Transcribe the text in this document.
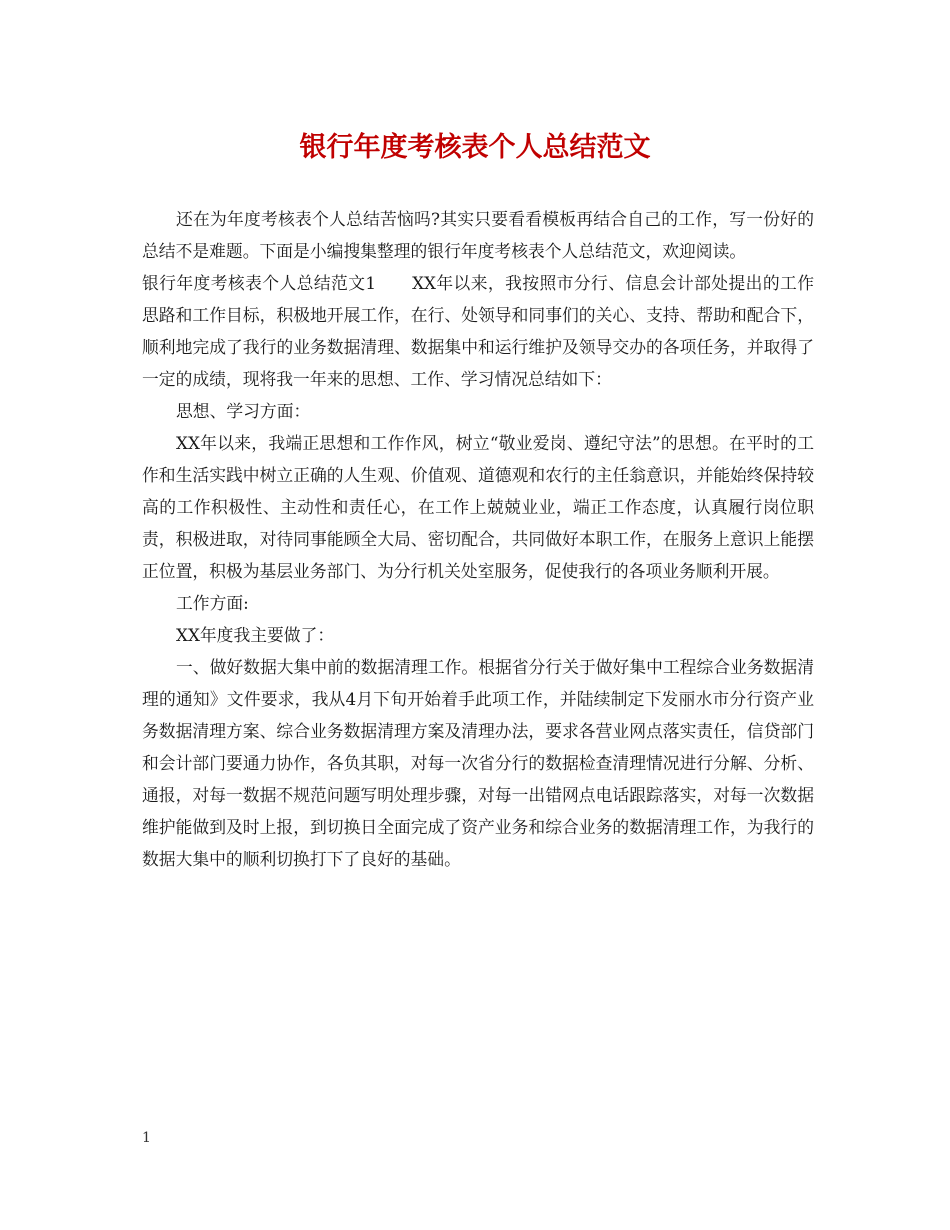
银行年度考核表个人总结范文

还在为年度考核表个人总结苦恼吗?其实只要看看模板再结合自己的工作，写一份好的总结不是难题。下面是小编搜集整理的银行年度考核表个人总结范文，欢迎阅读。

银行年度考核表个人总结范文1 XX年以来，我按照市分行、信息会计部处提出的工作思路和工作目标，积极地开展工作，在行、处领导和同事们的关心、支持、帮助和配合下，顺利地完成了我行的业务数据清理、数据集中和运行维护及领导交办的各项任务，并取得了一定的成绩，现将我一年来的思想、工作、学习情况总结如下：

思想、学习方面：

XX年以来，我端正思想和工作作风，树立“敬业爱岗、遵纪守法”的思想。在平时的工作和生活实践中树立正确的人生观、价值观、道德观和农行的主任翁意识，并能始终保持较高的工作积极性、主动性和责任心，在工作上兢兢业业，端正工作态度，认真履行岗位职责，积极进取，对待同事能顾全大局、密切配合，共同做好本职工作，在服务上意识上能摆正位置，积极为基层业务部门、为分行机关处室服务，促使我行的各项业务顺利开展。

工作方面:

XX年度我主要做了：

一、做好数据大集中前的数据清理工作。根据省分行关于做好集中工程综合业务数据清理的通知》文件要求，我从4月下旬开始着手此项工作，并陆续制定下发丽水市分行资产业务数据清理方案、综合业务数据清理方案及清理办法，要求各营业网点落实责任，信贷部门和会计部门要通力协作，各负其职，对每一次省分行的数据检查清理情况进行分解、分析、通报，对每一数据不规范问题写明处理步骤，对每一出错网点电话跟踪落实，对每一次数据维护能做到及时上报，到切换日全面完成了资产业务和综合业务的数据清理工作，为我行的数据大集中的顺利切换打下了良好的基础。

1
